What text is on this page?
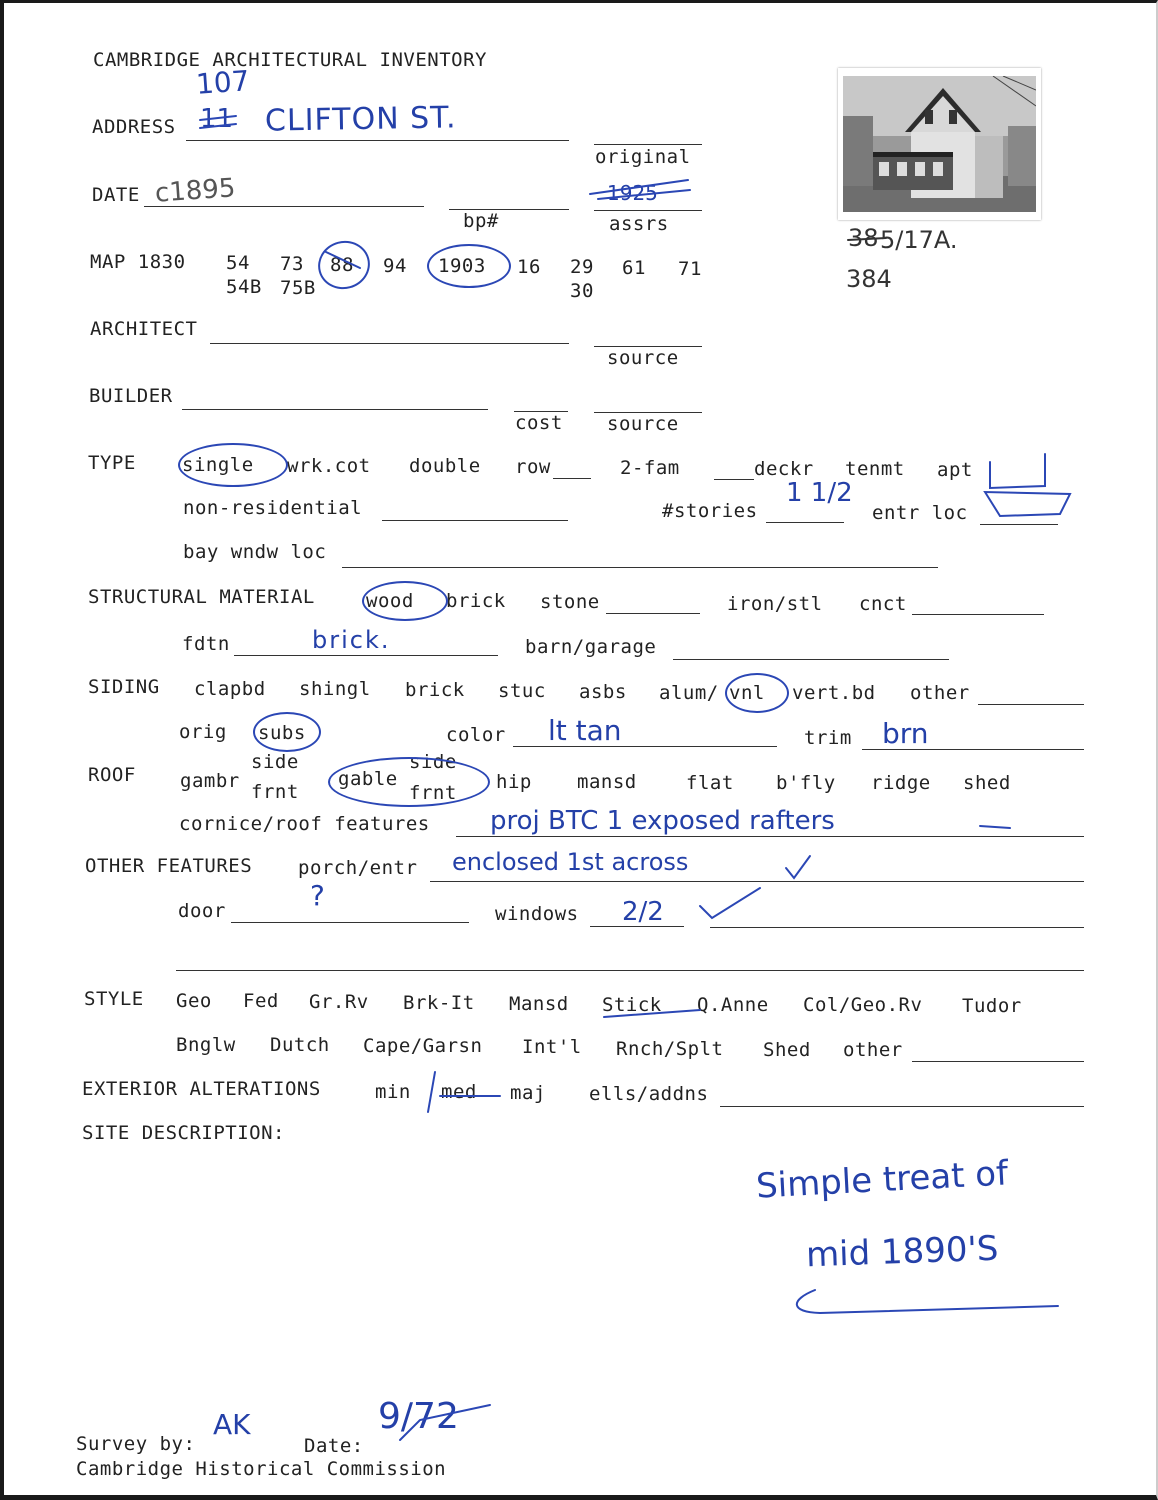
CAMBRIDGE ARCHITECTURAL INVENTORY
ADDRESS
107
11 CLIFTON ST.
original
DATE c1895
bp#
1925
assrs	38 5/17A.
384
MAP 1830 54 73 88 94 1903 16 29 61 71
54B 75B	30
ARCHITECT
source
BUILDER
cost source
TYPE single wrk.cot double row	2-fam	deckr tenmt apt
non-residential	#stories
1 1/2
entr loc
bay wndw loc
STRUCTURAL MATERIAL	wood brick stone	iron/stl cnct
fdtn	brick.	barn/garage
SIDING clapbd shingl brick stuc asbs alum/ vnl vert.bd other
orig subs	color lt tan	trim brn
ROOF gambr
side
frnt
gable
side
frnt hip mansd	flat b'fly ridge shed
cornice/roof features proj BTC 1 exposed rafters
OTHER FEATURES porch/entr enclosed 1st across
door	?
windows 2/2
STYLE Geo Fed Gr.Rv Brk-It Mansd Stick Q.Anne Col/Geo.Rv Tudor
Bnglw Dutch Cape/Garsn Int'l Rnch/Splt Shed other
EXTERIOR ALTERATIONS	min med maj ells/addns
SITE DESCRIPTION:
Simple treat of
mid 1890'S
Survey by:
AK
Date:
9/72
Cambridge Historical Commission
